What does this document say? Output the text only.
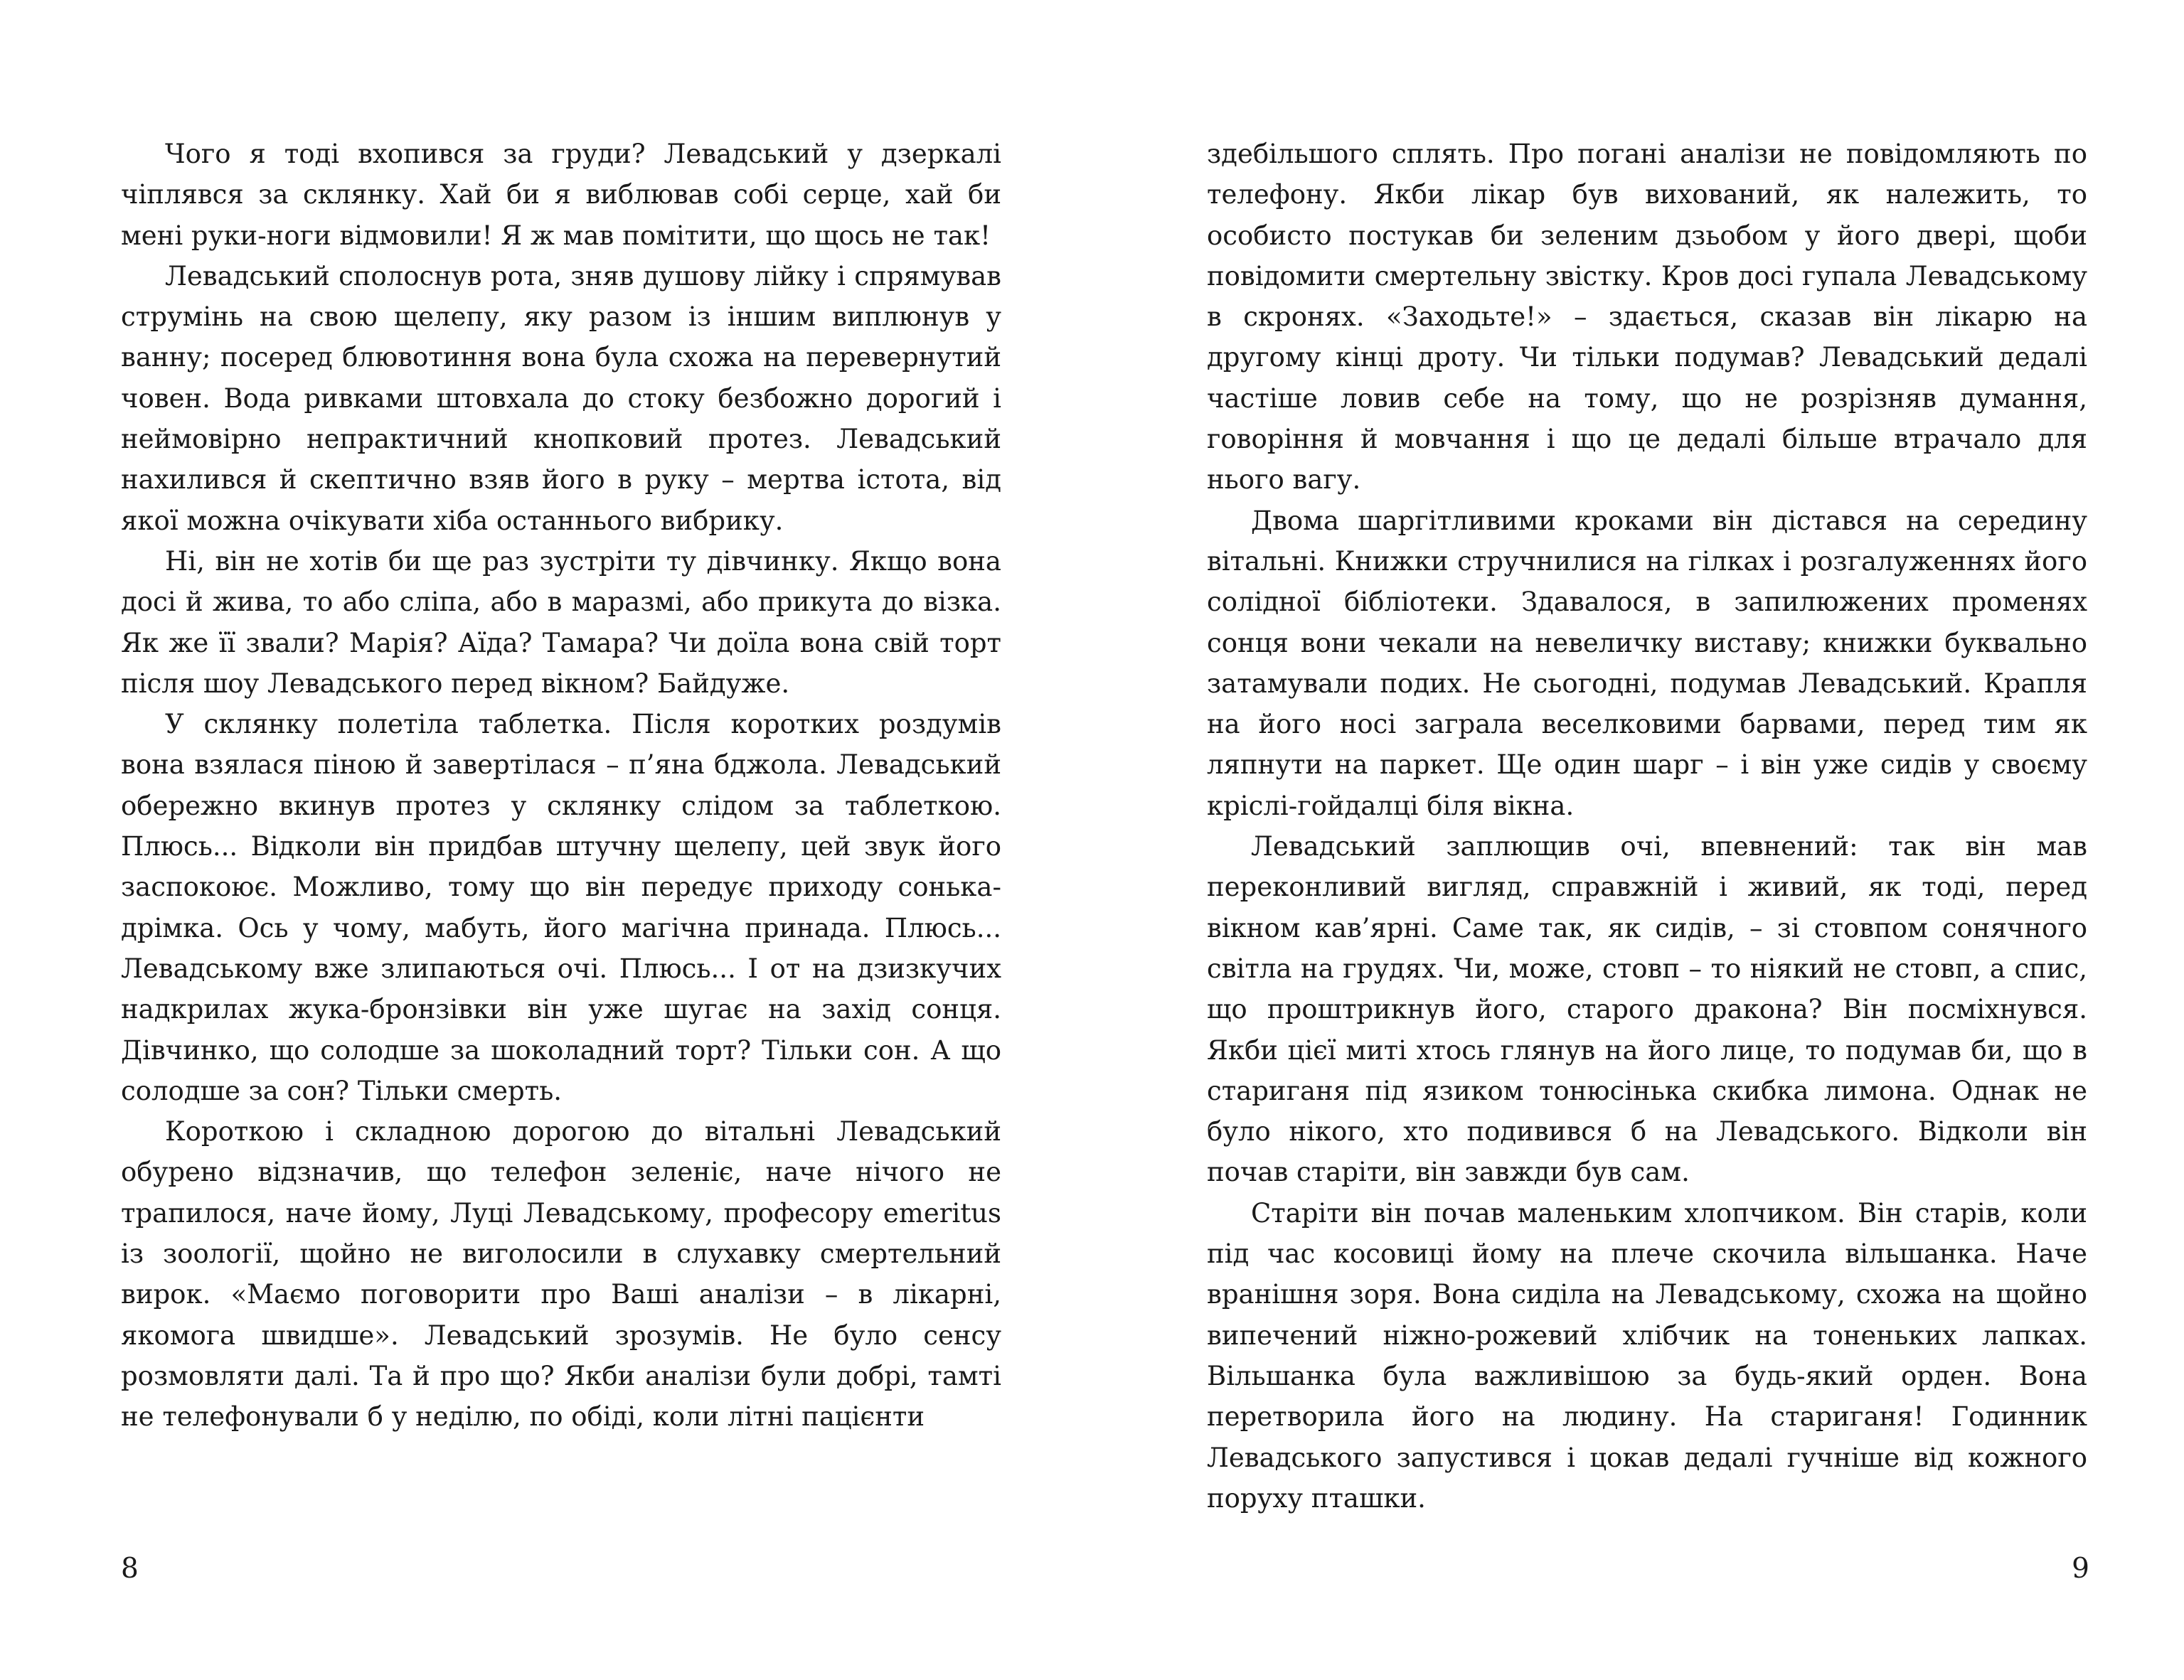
Чого я тоді вхопився за груди? Левадський у дзеркалі чіплявся за склянку. Хай би я виблював собі серце, хай би мені руки-ноги відмовили! Я ж мав помітити, що щось не так!

Левадський сполоснув рота, зняв душову лійку і спрямував струмінь на свою щелепу, яку разом із іншим виплюнув у ванну; посеред блювотиння вона була схожа на перевернутий човен. Вода ривками штовхала до стоку безбожно дорогий і неймовірно непрактичний кнопковий протез. Левадський нахилився й скептично взяв його в руку – мертва істота, від якої можна очікувати хіба останнього вибрику.

Ні, він не хотів би ще раз зустріти ту дівчинку. Якщо вона досі й жива, то або сліпа, або в маразмі, або прикута до візка. Як же її звали? Марія? Аїда? Тамара? Чи доїла вона свій торт після шоу Левадського перед вікном? Байдуже.

У склянку полетіла таблетка. Після коротких роздумів вона взялася піною й завертілася – п’яна бджола. Левадський обережно вкинув протез у склянку слідом за таблеткою. Плюсь... Відколи він придбав штучну щелепу, цей звук його заспокоює. Можливо, тому що він передує приходу сонька-дрімка. Ось у чому, мабуть, його магічна принада. Плюсь... Левадському вже злипаються очі. Плюсь... І от на дзизкучих надкрилах жука-бронзівки він уже шугає на захід сонця. Дівчинко, що солодше за шоколадний торт? Тільки сон. А що солодше за сон? Тільки смерть.

Короткою і складною дорогою до вітальні Левадський обурено відзначив, що телефон зеленіє, наче нічого не трапилося, наче йому, Луці Левадському, професору emeritus із зоології, щойно не виголосили в слухавку смертельний вирок. «Маємо поговорити про Ваші аналізи – в лікарні, якомога швидше». Левадський зрозумів. Не було сенсу розмовляти далі. Та й про що? Якби аналізи були добрі, тамті не телефонували б у неділю, по обіді, коли літні пацієнти

здебільшого сплять. Про погані аналізи не повідомляють по телефону. Якби лікар був вихований, як належить, то особисто постукав би зеленим дзьобом у його двері, щоби повідомити смертельну звістку. Кров досі гупала Левадському в скронях. «Заходьте!» – здається, сказав він лікарю на другому кінці дроту. Чи тільки подумав? Левадський дедалі частіше ловив себе на тому, що не розрізняв думання, говоріння й мовчання і що це дедалі більше втрачало для нього вагу.

Двома шаргітливими кроками він дістався на середину вітальні. Книжки стручнилися на гілках і розгалуженнях його солідної бібліотеки. Здавалося, в запилюжених променях сонця вони чекали на невеличку виставу; книжки буквально затамували подих. Не сьогодні, подумав Левадський. Крапля на його носі заграла веселковими барвами, перед тим як ляпнути на паркет. Ще один шарг – і він уже сидів у своєму кріслі-гойдалці біля вікна.

Левадський заплющив очі, впевнений: так він мав переконливий вигляд, справжній і живий, як тоді, перед вікном кав’ярні. Саме так, як сидів, – зі стовпом сонячного світла на грудях. Чи, може, стовп – то ніякий не стовп, а спис, що проштрикнув його, старого дракона? Він посміхнувся. Якби цієї миті хтось глянув на його лице, то подумав би, що в стариганя під язиком тонюсінька скибка лимона. Однак не було нікого, хто подивився б на Левадського. Відколи він почав старіти, він завжди був сам.

Старіти він почав маленьким хлопчиком. Він старів, коли під час косовиці йому на плече скочила вільшанка. Наче вранішня зоря. Вона сиділа на Левадському, схожа на щойно випечений ніжно-рожевий хлібчик на тоненьких лапках. Вільшанка була важливішою за будь-який орден. Вона перетворила його на людину. На стариганя! Годинник Левадського запустився і цокав дедалі гучніше від кожного поруху пташки.

8	9
